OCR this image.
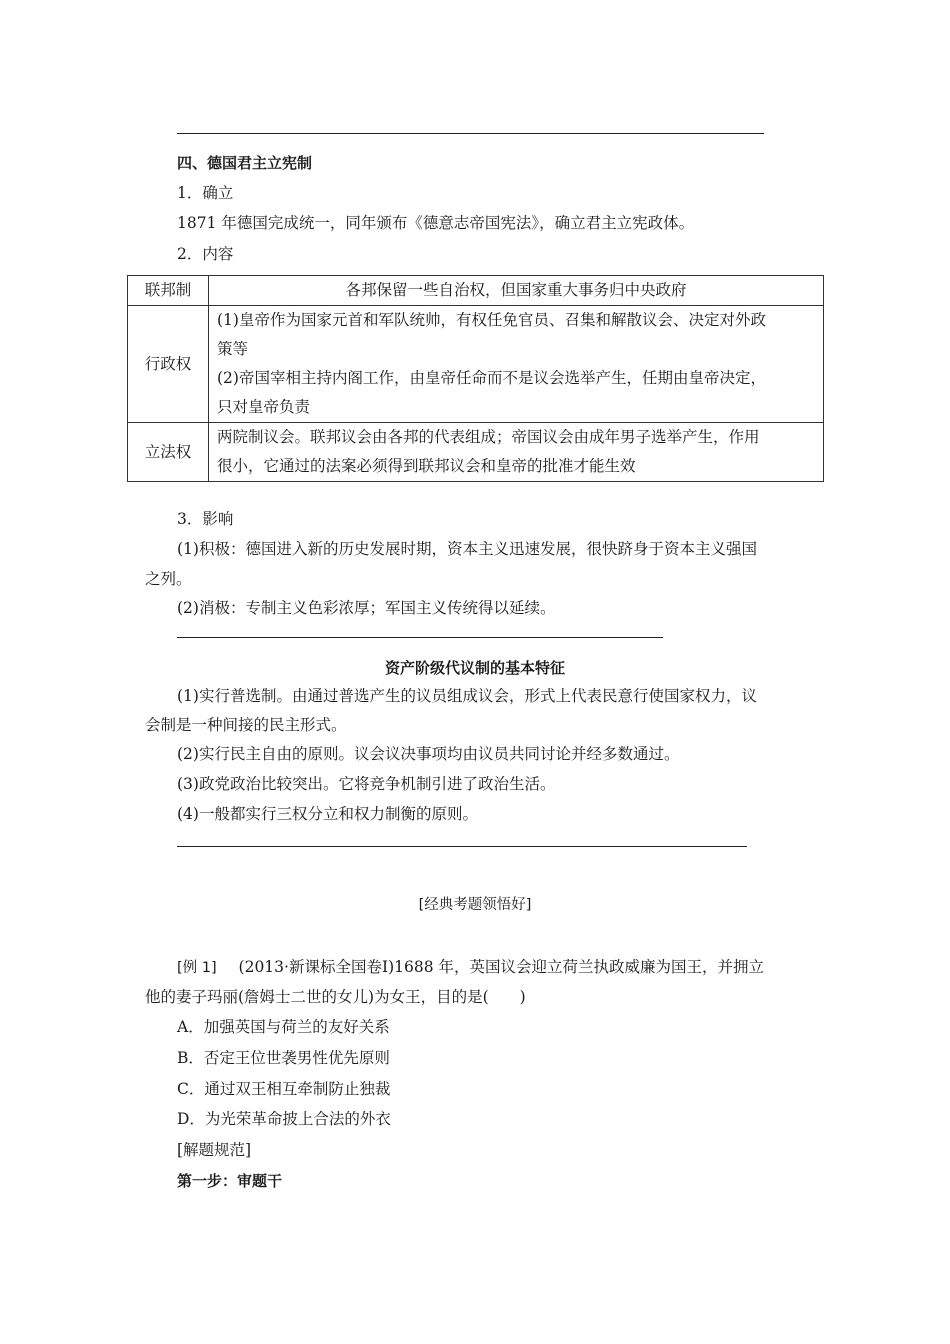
四、德国君主立宪制
1．确立
1871 年德国完成统一，同年颁布《德意志帝国宪法》，确立君主立宪政体。
2．内容
联邦制	各邦保留一些自治权，但国家重大事务归中央政府
行政权	(1)皇帝作为国家元首和军队统帅，有权任免官员、召集和解散议会、决定对外政
策等
(2)帝国宰相主持内阁工作，由皇帝任命而不是议会选举产生，任期由皇帝决定，
只对皇帝负责

立法权	两院制议会。联邦议会由各邦的代表组成；帝国议会由成年男子选举产生，作用
很小，它通过的法案必须得到联邦议会和皇帝的批准才能生效
3．影响
(1)积极：德国进入新的历史发展时期，资本主义迅速发展，很快跻身于资本主义强国
之列。
(2)消极：专制主义色彩浓厚；军国主义传统得以延续。
资产阶级代议制的基本特征
(1)实行普选制。由通过普选产生的议员组成议会，形式上代表民意行使国家权力，议
会制是一种间接的民主形式。
(2)实行民主自由的原则。议会议决事项均由议员共同讨论并经多数通过。
(3)政党政治比较突出。它将竞争机制引进了政治生活。
(4)一般都实行三权分立和权力制衡的原则。
[经典考题领悟好]
[例 1] (2013·新课标全国卷Ⅰ)1688 年，英国议会迎立荷兰执政威廉为国王，并拥立
他的妻子玛丽(詹姆士二世的女儿)为女王，目的是(　　)
A．加强英国与荷兰的友好关系
B．否定王位世袭男性优先原则
C．通过双王相互牵制防止独裁
D．为光荣革命披上合法的外衣
[解题规范]
第一步：审题干
